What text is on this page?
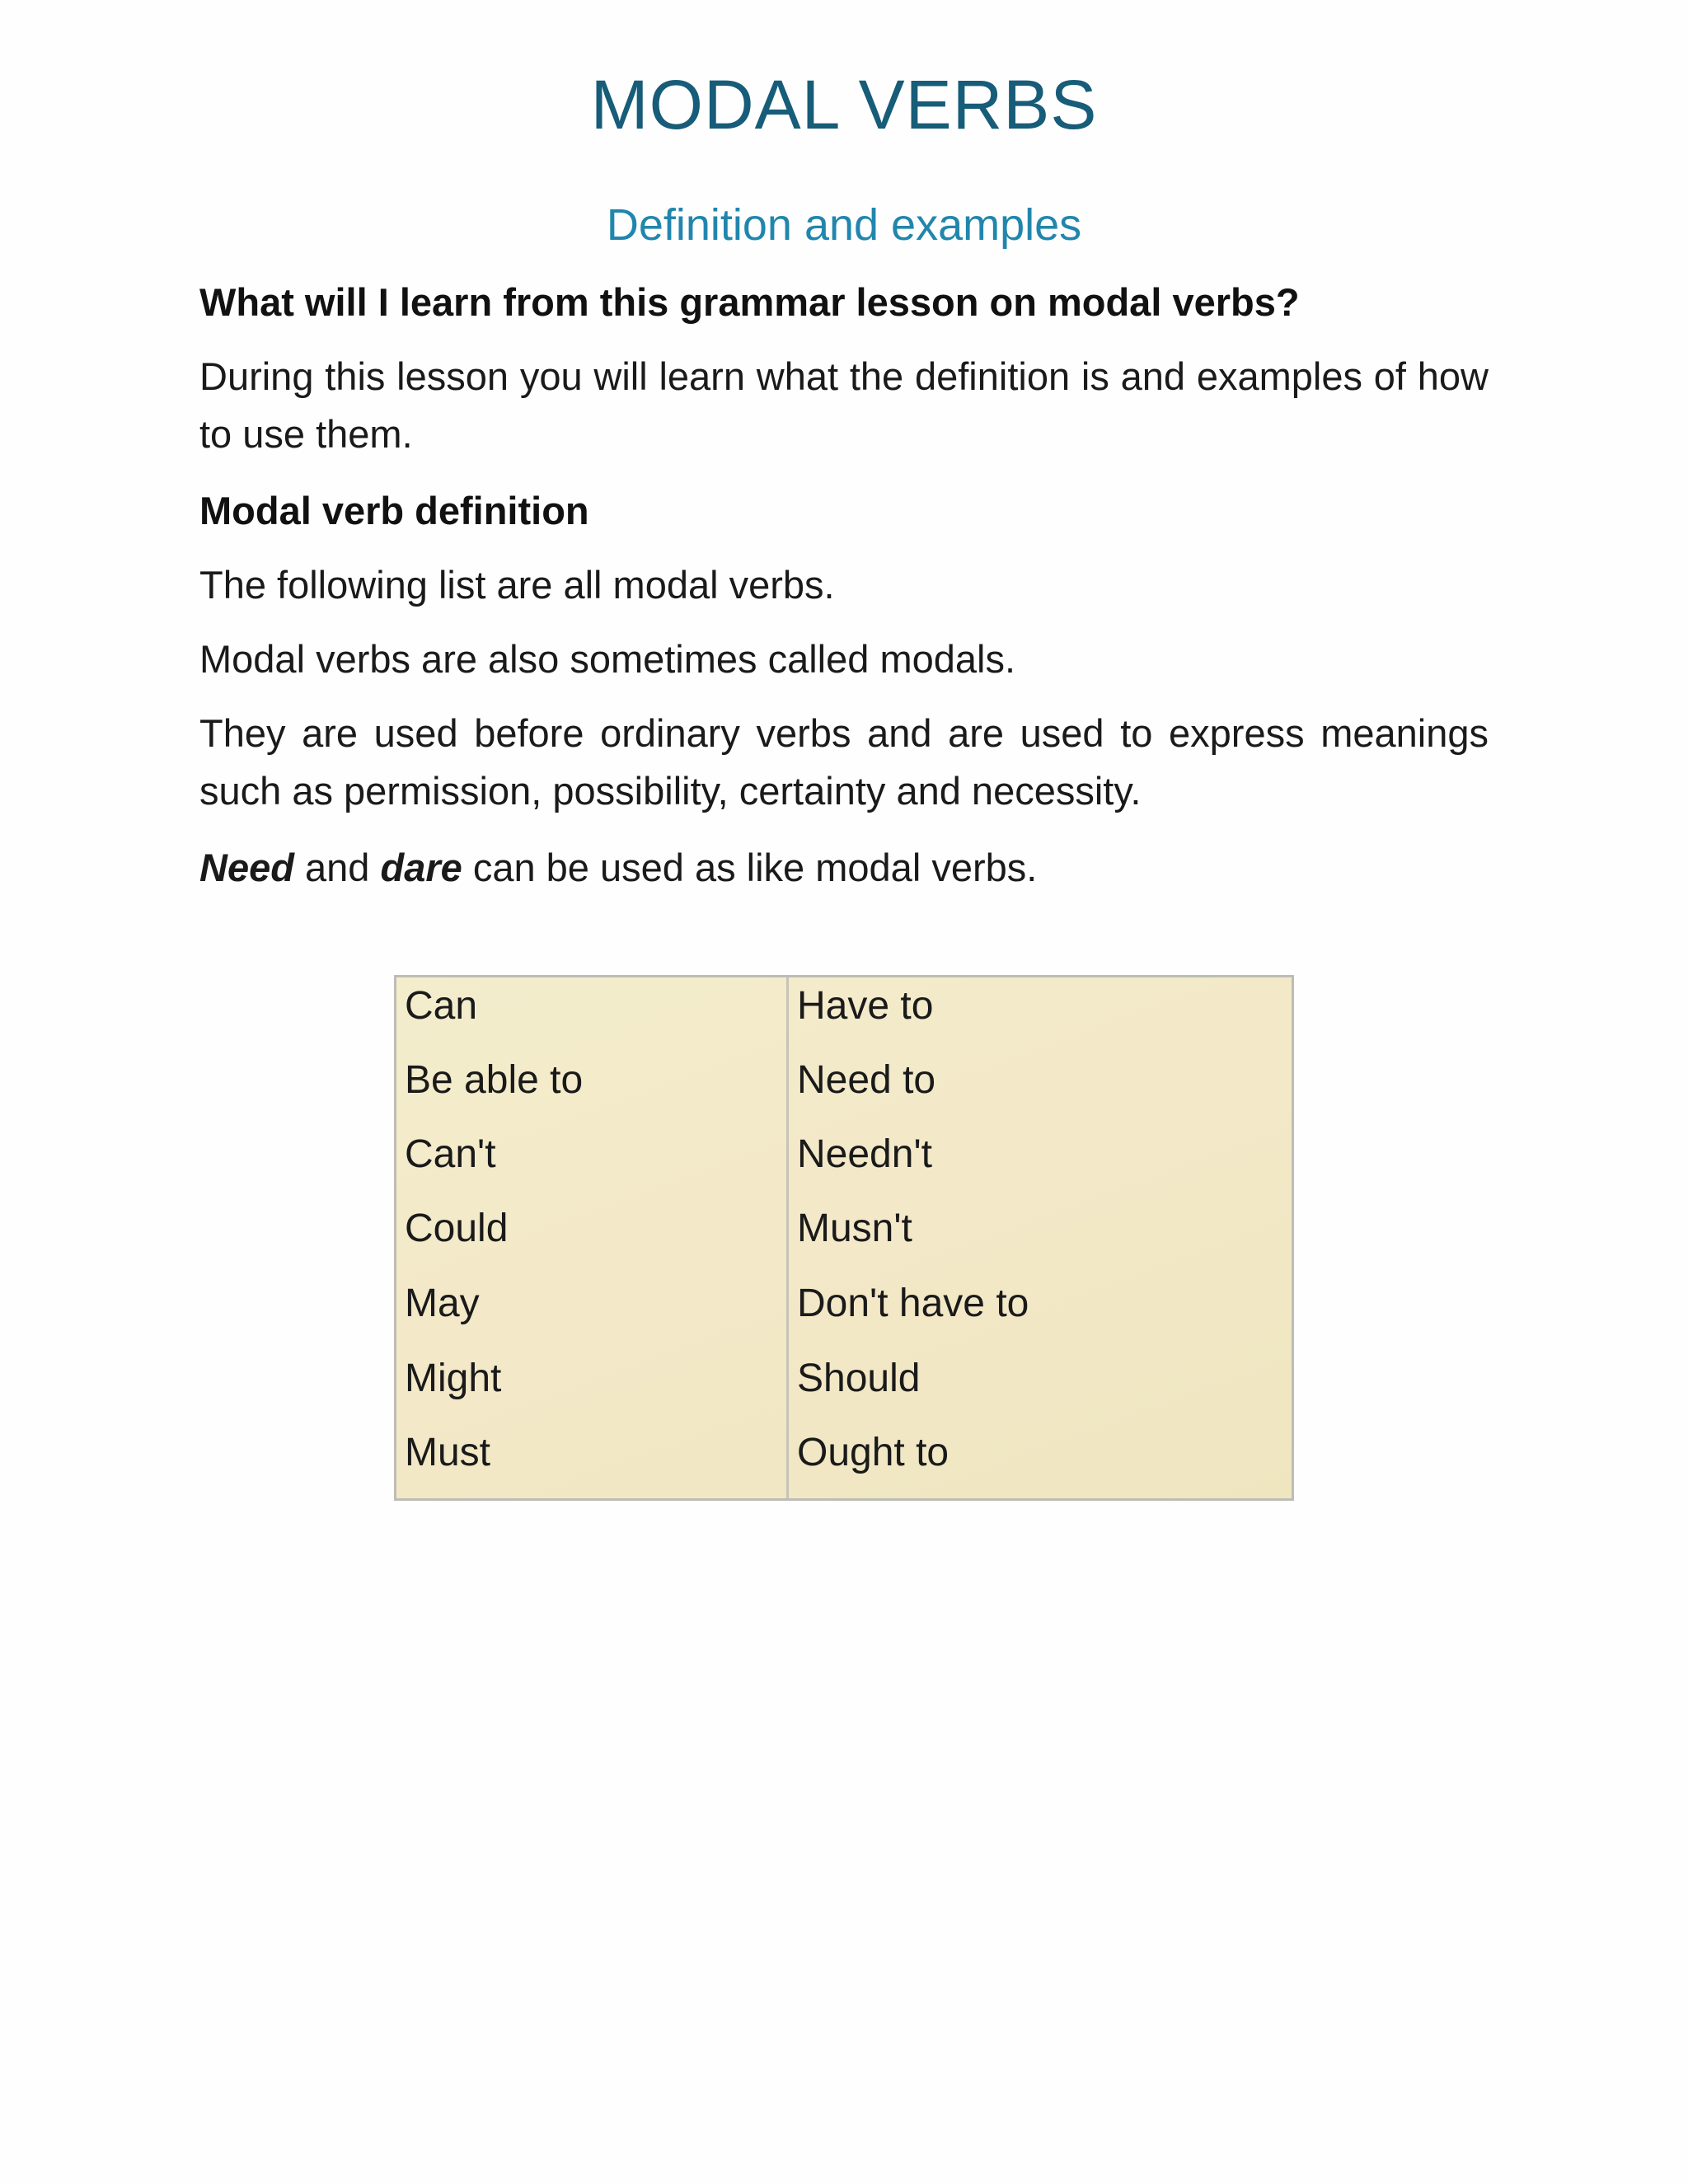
MODAL VERBS
Definition and examples
What will I learn from this grammar lesson on modal verbs?
During this lesson you will learn what the definition is and examples of how to use them.
Modal verb definition
The following list are all modal verbs.
Modal verbs are also sometimes called modals.
They are used before ordinary verbs and are used to express meanings such as permission, possibility, certainty and necessity.
Need and dare can be used as like modal verbs.
Can
Be able to
Can't
Could
May
Might
Must
Have to
Need to
Needn't
Musn't
Don't have to
Should
Ought to
